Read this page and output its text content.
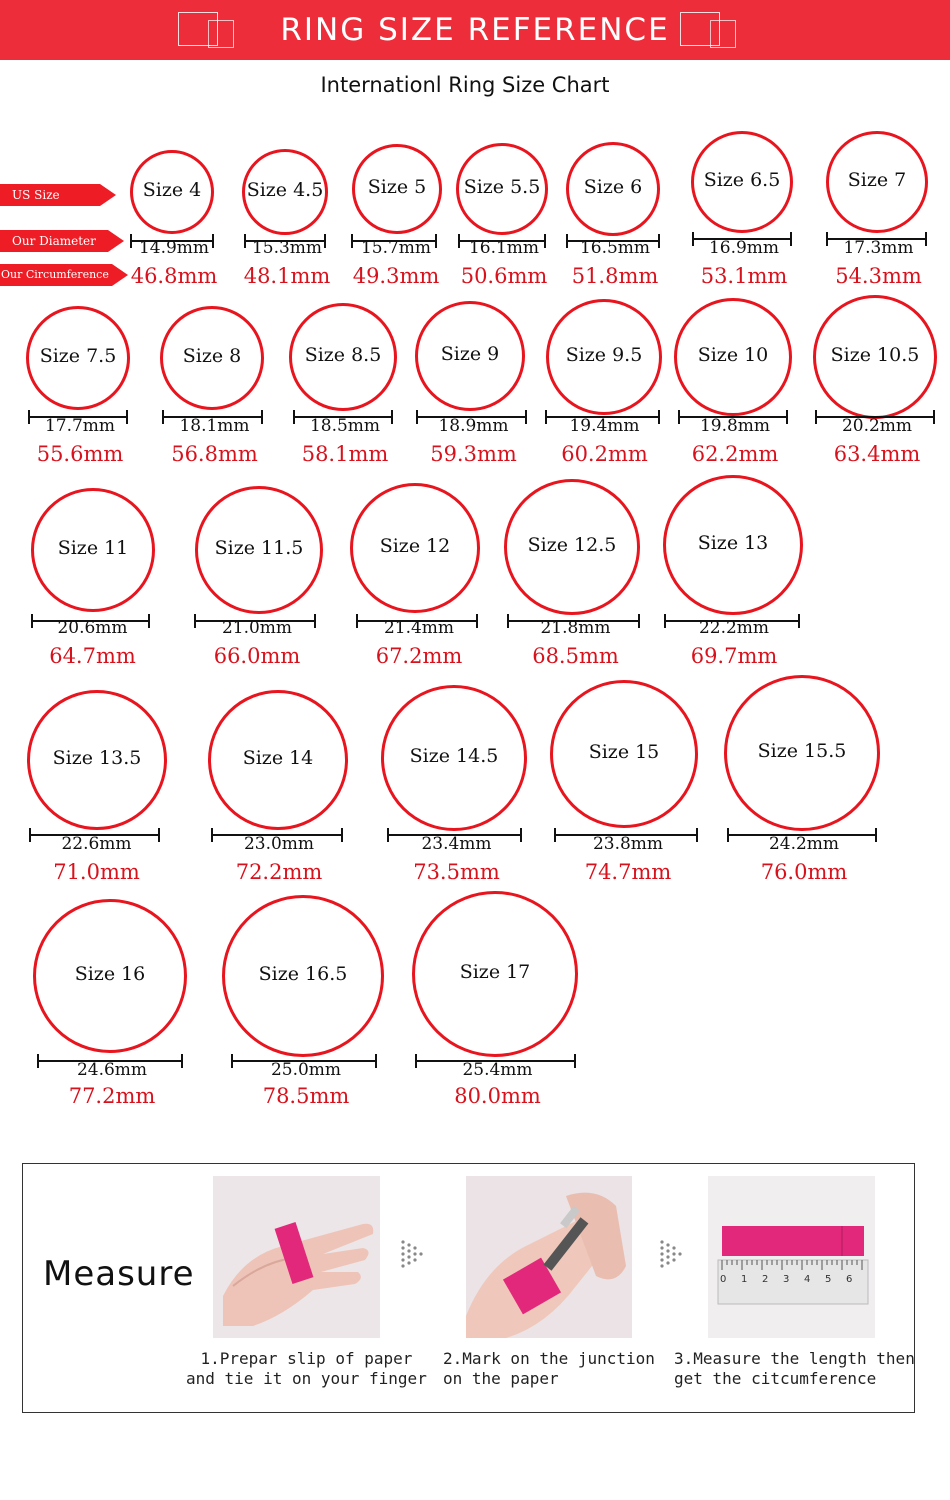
RING SIZE REFERENCE
Internationl Ring Size Chart
US Size
Our Diameter
Our Circumference
Size 4
14.9mm
46.8mm
Size 4.5
15.3mm
48.1mm
Size 5
15.7mm
49.3mm
Size 5.5
16.1mm
50.6mm
Size 6
16.5mm
51.8mm
Size 6.5
16.9mm
53.1mm
Size 7
17.3mm
54.3mm
Size 7.5
17.7mm
55.6mm
Size 8
18.1mm
56.8mm
Size 8.5
18.5mm
58.1mm
Size 9
18.9mm
59.3mm
Size 9.5
19.4mm
60.2mm
Size 10
19.8mm
62.2mm
Size 10.5
20.2mm
63.4mm
Size 11
20.6mm
64.7mm
Size 11.5
21.0mm
66.0mm
Size 12
21.4mm
67.2mm
Size 12.5
21.8mm
68.5mm
Size 13
22.2mm
69.7mm
Size 13.5
22.6mm
71.0mm
Size 14
23.0mm
72.2mm
Size 14.5
23.4mm
73.5mm
Size 15
23.8mm
74.7mm
Size 15.5
24.2mm
76.0mm
Size 16
24.6mm
77.2mm
Size 16.5
25.0mm
78.5mm
Size 17
25.4mm
80.0mm
Measure	0 1 2 3 4 5 6
1.Prepar slip of paper
and tie it on your finger
2.Mark on the junction
on the paper
3.Measure the length then
get the citcumference
